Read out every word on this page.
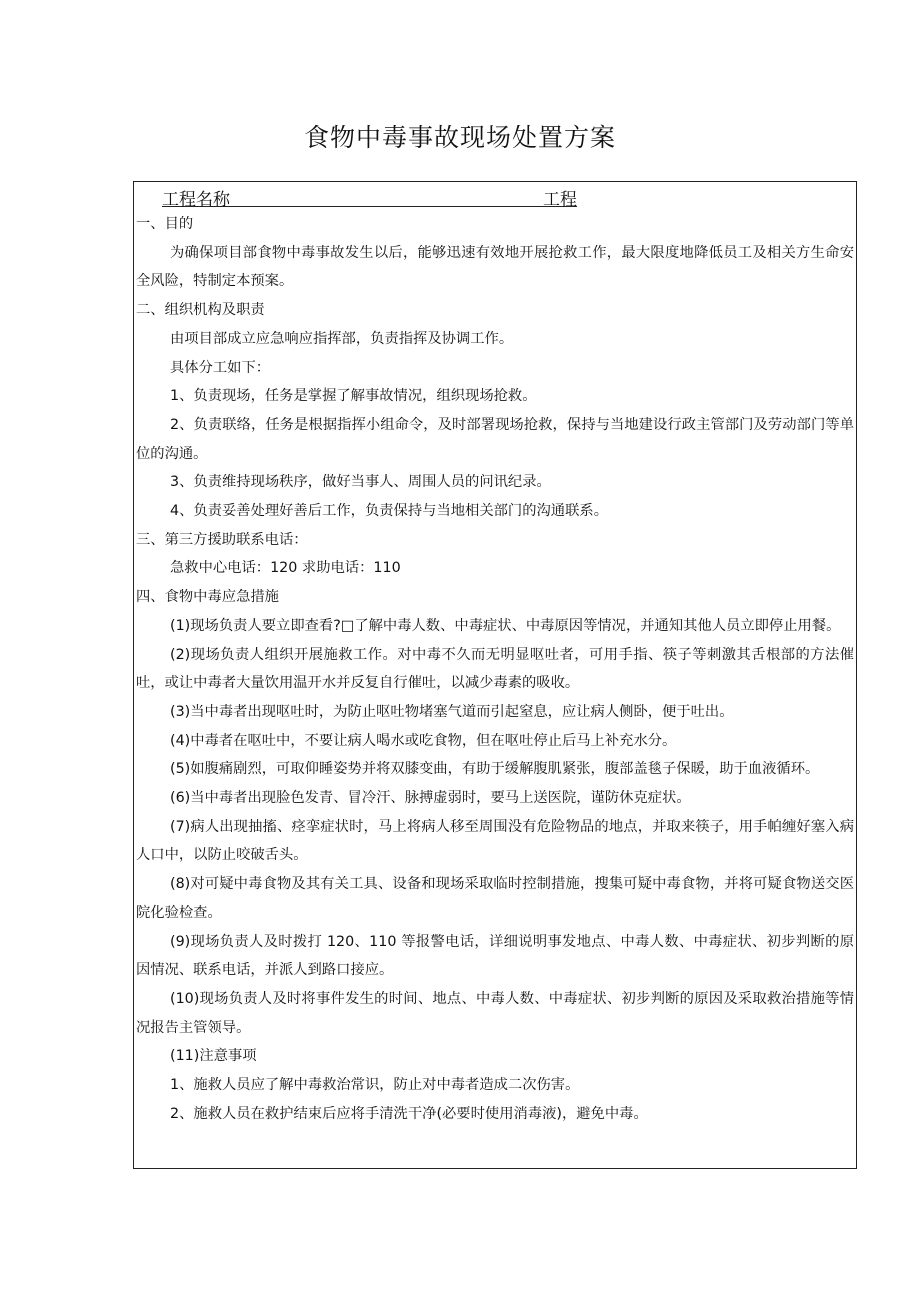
食物中毒事故现场处置方案
工程名称	工程

一、目的

为确保项目部食物中毒事故发生以后，能够迅速有效地开展抢救工作，最大限度地降低员工及相关方生命安全风险，特制定本预案。

二、组织机构及职责

由项目部成立应急响应指挥部，负责指挥及协调工作。

具体分工如下：

1、负责现场，任务是掌握了解事故情况，组织现场抢救。

2、负责联络，任务是根据指挥小组命令，及时部署现场抢救，保持与当地建设行政主管部门及劳动部门等单位的沟通。

3、负责维持现场秩序，做好当事人、周围人员的问讯纪录。

4、负责妥善处理好善后工作，负责保持与当地相关部门的沟通联系。

三、第三方援助联系电话：

急救中心电话：120 求助电话：110

四、食物中毒应急措施

(1)现场负责人要立即查看?□了解中毒人数、中毒症状、中毒原因等情况，并通知其他人员立即停止用餐。

(2)现场负责人组织开展施救工作。对中毒不久而无明显呕吐者，可用手指、筷子等刺激其舌根部的方法催吐，或让中毒者大量饮用温开水并反复自行催吐，以减少毒素的吸收。

(3)当中毒者出现呕吐时，为防止呕吐物堵塞气道而引起窒息，应让病人侧卧，便于吐出。

(4)中毒者在呕吐中，不要让病人喝水或吃食物，但在呕吐停止后马上补充水分。

(5)如腹痛剧烈，可取仰睡姿势并将双膝变曲，有助于缓解腹肌紧张，腹部盖毯子保暖，助于血液循环。

(6)当中毒者出现脸色发青、冒冷汗、脉搏虚弱时，要马上送医院，谨防休克症状。

(7)病人出现抽搐、痉挛症状时，马上将病人移至周围没有危险物品的地点，并取来筷子，用手帕缠好塞入病人口中，以防止咬破舌头。

(8)对可疑中毒食物及其有关工具、设备和现场采取临时控制措施，搜集可疑中毒食物，并将可疑食物送交医院化验检查。

(9)现场负责人及时拨打 120、110 等报警电话，详细说明事发地点、中毒人数、中毒症状、初步判断的原因情况、联系电话，并派人到路口接应。

(10)现场负责人及时将事件发生的时间、地点、中毒人数、中毒症状、初步判断的原因及采取救治措施等情况报告主管领导。

(11)注意事项

1、施救人员应了解中毒救治常识，防止对中毒者造成二次伤害。

2、施救人员在救护结束后应将手清洗干净(必要时使用消毒液)，避免中毒。
